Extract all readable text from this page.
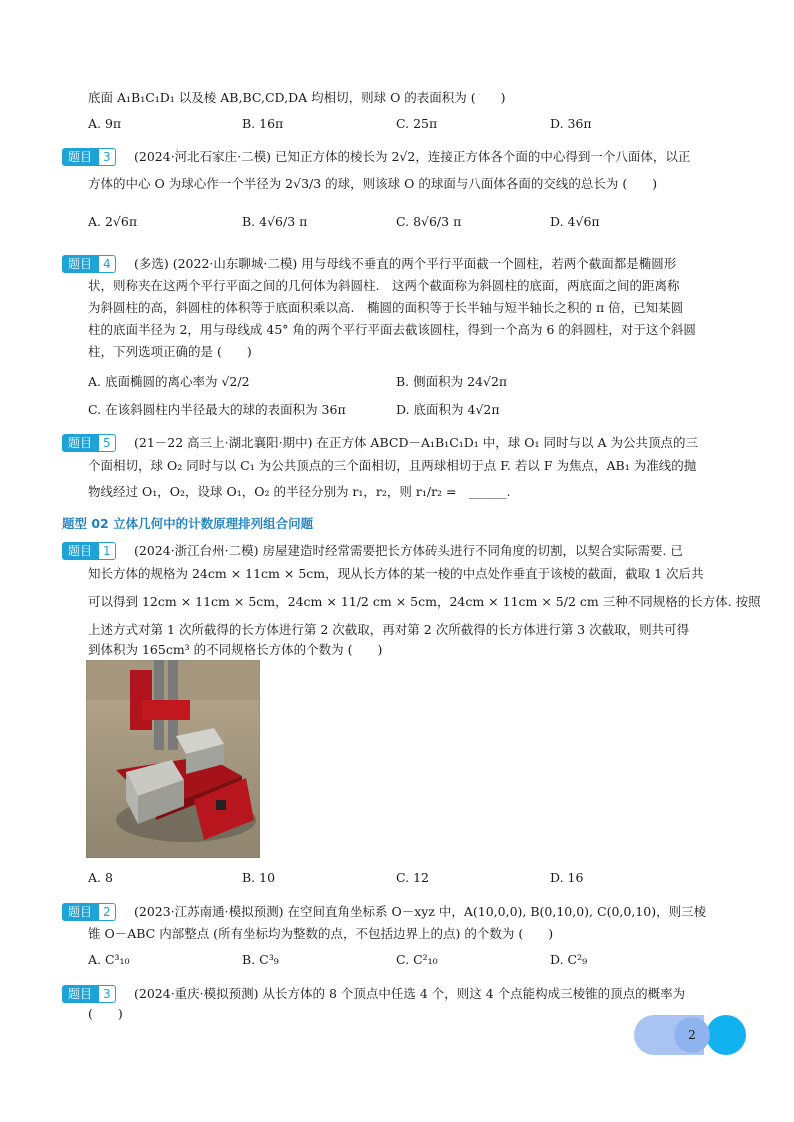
底面 A₁B₁C₁D₁ 以及棱 AB,BC,CD,DA 均相切，则球 O 的表面积为 (　　)
A. 9π	B. 16π	C. 25π	D. 36π
题目 3	(2024·河北石家庄·二模) 已知正方体的棱长为 2√2，连接正方体各个面的中心得到一个八面体，以正
方体的中心 O 为球心作一个半径为 2√3/3 的球，则该球 O 的球面与八面体各面的交线的总长为 (　　)
A. 2√6π	B. 4√6/3 π	C. 8√6/3 π	D. 4√6π
题目 4	(多选) (2022·山东聊城·二模) 用与母线不垂直的两个平行平面截一个圆柱，若两个截面都是椭圆形
状，则称夹在这两个平行平面之间的几何体为斜圆柱.　这两个截面称为斜圆柱的底面，两底面之间的距离称
为斜圆柱的高，斜圆柱的体积等于底面积乘以高.　椭圆的面积等于长半轴与短半轴长之积的 π 倍，已知某圆
柱的底面半径为 2，用与母线成 45° 角的两个平行平面去截该圆柱，得到一个高为 6 的斜圆柱，对于这个斜圆
柱，下列选项正确的是 (　　)
A. 底面椭圆的离心率为 √2/2	B. 侧面积为 24√2π
C. 在该斜圆柱内半径最大的球的表面积为 36π	D. 底面积为 4√2π
题目 5	(21－22 高三上·湖北襄阳·期中) 在正方体 ABCD－A₁B₁C₁D₁ 中，球 O₁ 同时与以 A 为公共顶点的三
个面相切，球 O₂ 同时与以 C₁ 为公共顶点的三个面相切，且两球相切于点 F. 若以 F 为焦点，AB₁ 为准线的抛
物线经过 O₁，O₂，设球 O₁，O₂ 的半径分别为 r₁，r₂，则 r₁/r₂ =　______.
题型 02 立体几何中的计数原理排列组合问题
题目 1	(2024·浙江台州·二模) 房屋建造时经常需要把长方体砖头进行不同角度的切割，以契合实际需要. 已
知长方体的规格为 24cm × 11cm × 5cm，现从长方体的某一棱的中点处作垂直于该棱的截面，截取 1 次后共
可以得到 12cm × 11cm × 5cm，24cm × 11/2 cm × 5cm，24cm × 11cm × 5/2 cm 三种不同规格的长方体. 按照
上述方式对第 1 次所截得的长方体进行第 2 次截取，再对第 2 次所截得的长方体进行第 3 次截取，则共可得
到体积为 165cm³ 的不同规格长方体的个数为 (　　)
A. 8	B. 10	C. 12	D. 16
题目 2	(2023·江苏南通·模拟预测) 在空间直角坐标系 O－xyz 中，A(10,0,0), B(0,10,0), C(0,0,10)，则三棱
锥 O－ABC 内部整点 (所有坐标均为整数的点，不包括边界上的点) 的个数为 (　　)
A. C³₁₀	B. C³₉	C. C²₁₀	D. C²₉
题目 3	(2024·重庆·模拟预测) 从长方体的 8 个顶点中任选 4 个，则这 4 个点能构成三棱锥的顶点的概率为
(　　)
2
